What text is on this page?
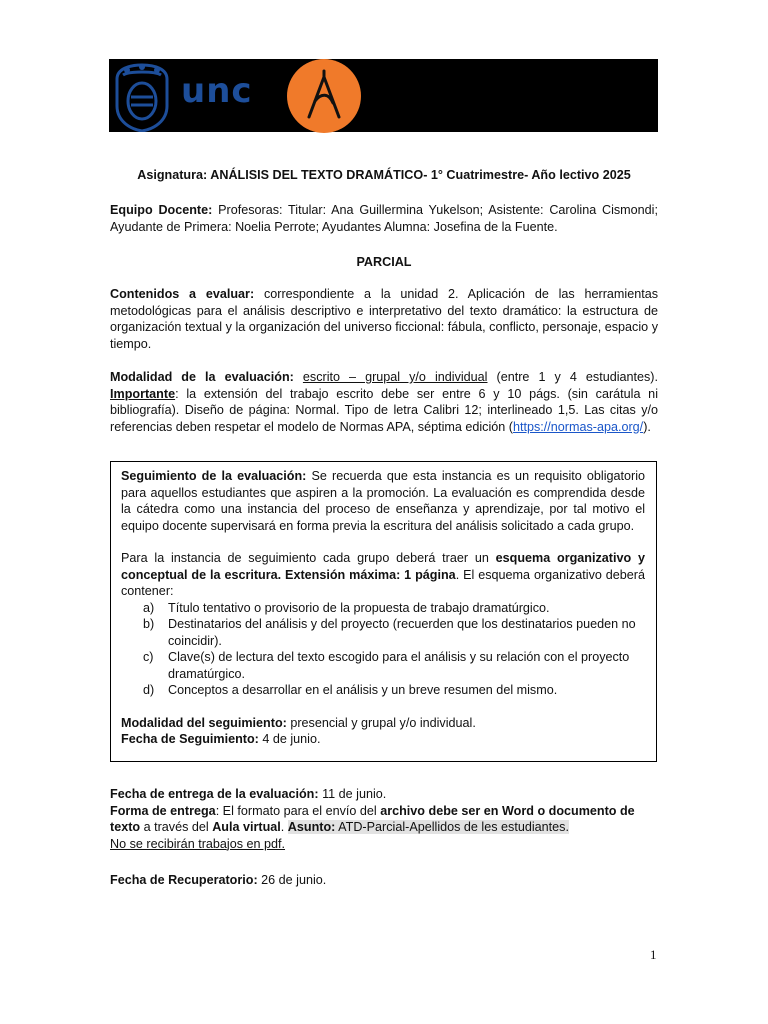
unc
Asignatura: ANÁLISIS DEL TEXTO DRAMÁTICO- 1° Cuatrimestre- Año lectivo 2025
Equipo Docente: Profesoras: Titular: Ana Guillermina Yukelson; Asistente: Carolina Cismondi; Ayudante de Primera: Noelia Perrote; Ayudantes Alumna: Josefina de la Fuente.
PARCIAL
Contenidos a evaluar: correspondiente a la unidad 2. Aplicación de las herramientas metodológicas para el análisis descriptivo e interpretativo del texto dramático: la estructura de organización textual y la organización del universo ficcional: fábula, conflicto, personaje, espacio y tiempo.
Modalidad de la evaluación: escrito – grupal y/o individual (entre 1 y 4 estudiantes). Importante: la extensión del trabajo escrito debe ser entre 6 y 10 págs. (sin carátula ni bibliografía). Diseño de página: Normal. Tipo de letra Calibri 12; interlineado 1,5. Las citas y/o referencias deben respetar el modelo de Normas APA, séptima edición (https://normas-apa.org/).

Seguimiento de la evaluación: Se recuerda que esta instancia es un requisito obligatorio para aquellos estudiantes que aspiren a la promoción. La evaluación es comprendida desde la cátedra como una instancia del proceso de enseñanza y aprendizaje, por tal motivo el equipo docente supervisará en forma previa la escritura del análisis solicitado a cada grupo.

Para la instancia de seguimiento cada grupo deberá traer un esquema organizativo y conceptual de la escritura. Extensión máxima: 1 página. El esquema organizativo deberá contener:

a) Título tentativo o provisorio de la propuesta de trabajo dramatúrgico.
b) Destinatarios del análisis y del proyecto (recuerden que los destinatarios pueden no coincidir).
c) Clave(s) de lectura del texto escogido para el análisis y su relación con el proyecto dramatúrgico.
d) Conceptos a desarrollar en el análisis y un breve resumen del mismo.

Modalidad del seguimiento: presencial y grupal y/o individual.

Fecha de Seguimiento: 4 de junio.

Fecha de entrega de la evaluación: 11 de junio.
Forma de entrega: El formato para el envío del archivo debe ser en Word o documento de texto a través del Aula virtual. Asunto: ATD-Parcial-Apellidos de les estudiantes.
No se recibirán trabajos en pdf.
Fecha de Recuperatorio: 26 de junio.
1
